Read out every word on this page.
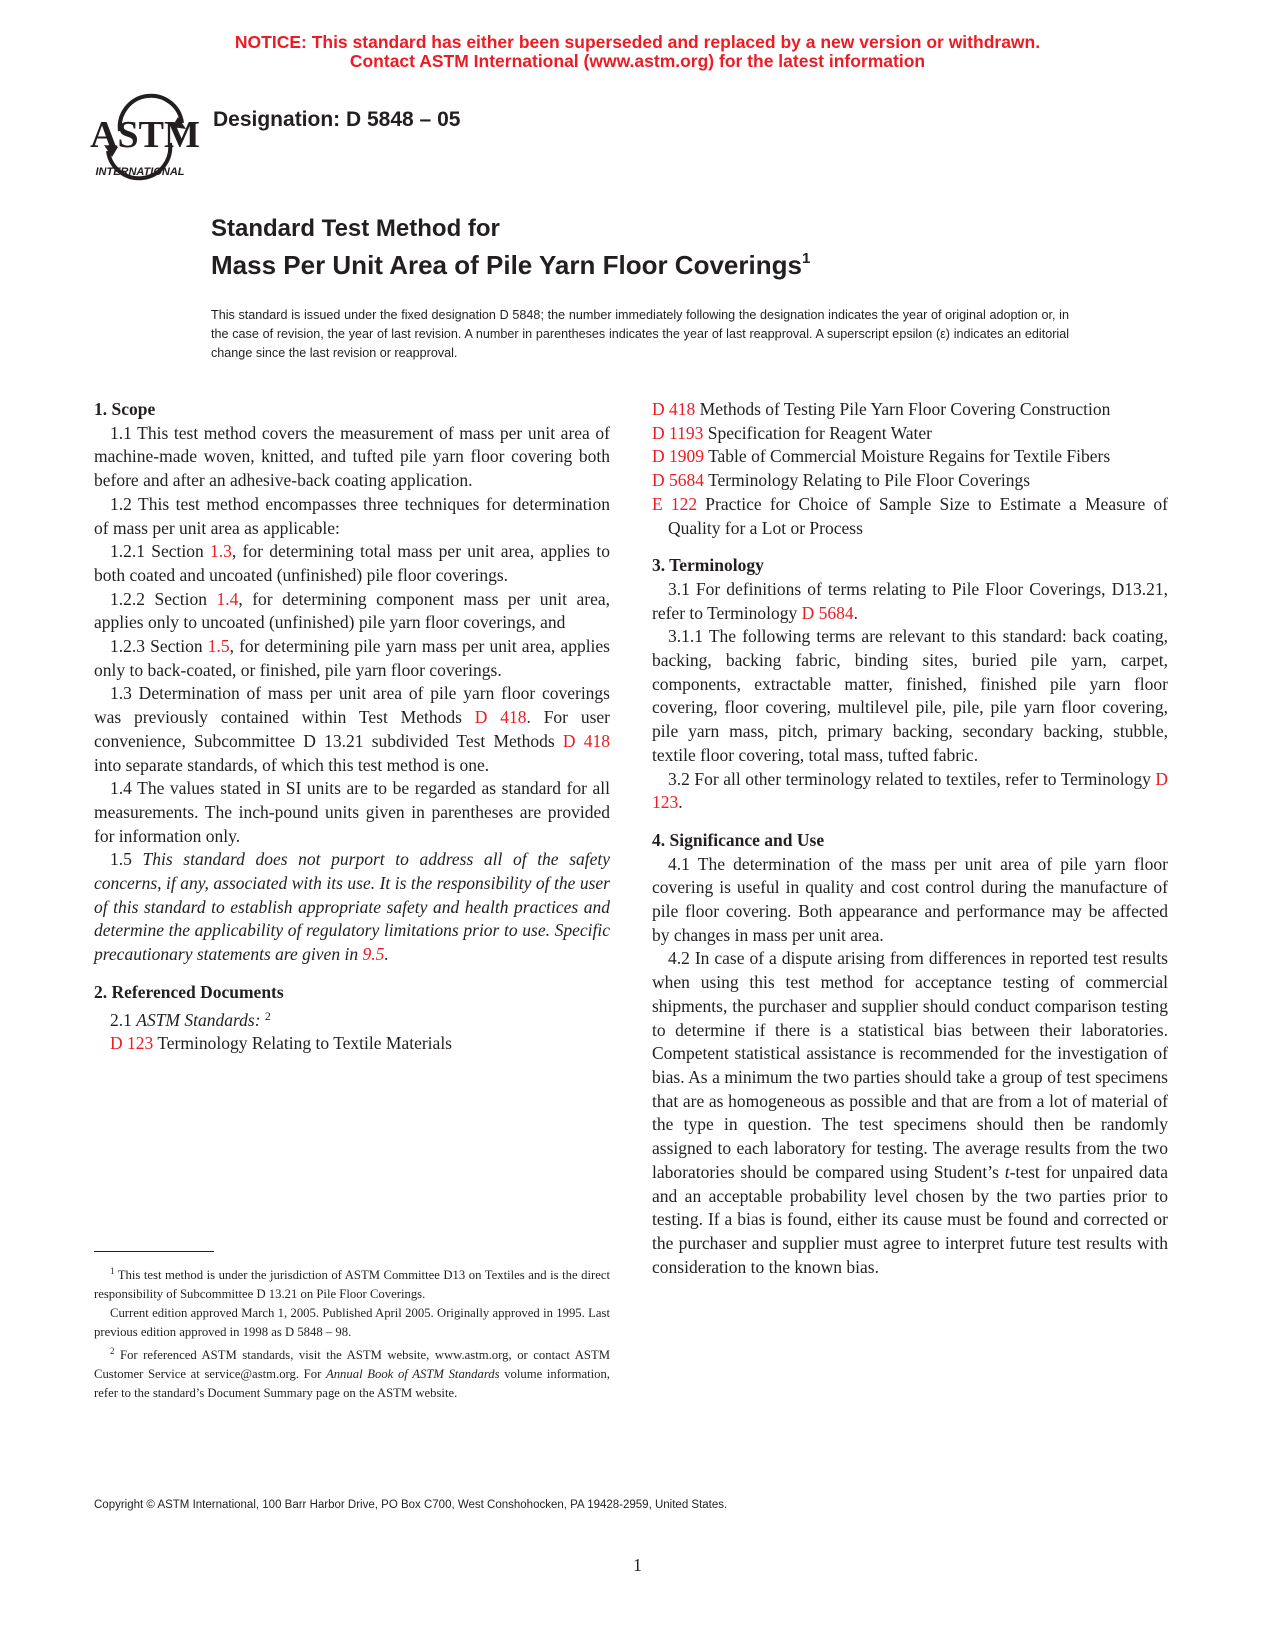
NOTICE: This standard has either been superseded and replaced by a new version or withdrawn.
Contact ASTM International (www.astm.org) for the latest information
ASTM
INTERNATIONAL
Designation: D 5848 – 05
Standard Test Method for
Mass Per Unit Area of Pile Yarn Floor Coverings$^1$
This standard is issued under the fixed designation D 5848; the number immediately following the designation indicates the year of original adoption or, in the case of revision, the year of last revision. A number in parentheses indicates the year of last reapproval. A superscript epsilon (ε) indicates an editorial change since the last revision or reapproval.
1. Scope

1.1 This test method covers the measurement of mass per unit area of machine-made woven, knitted, and tufted pile yarn floor covering both before and after an adhesive-back coating application.

1.2 This test method encompasses three techniques for determination of mass per unit area as applicable:

1.2.1 Section 1.3, for determining total mass per unit area, applies to both coated and uncoated (unfinished) pile floor coverings.

1.2.2 Section 1.4, for determining component mass per unit area, applies only to uncoated (unfinished) pile yarn floor coverings, and

1.2.3 Section 1.5, for determining pile yarn mass per unit area, applies only to back-coated, or finished, pile yarn floor coverings.

1.3 Determination of mass per unit area of pile yarn floor coverings was previously contained within Test Methods D 418. For user convenience, Subcommittee D 13.21 subdivided Test Methods D 418 into separate standards, of which this test method is one.

1.4 The values stated in SI units are to be regarded as standard for all measurements. The inch-pound units given in parentheses are provided for information only.

1.5 This standard does not purport to address all of the safety concerns, if any, associated with its use. It is the responsibility of the user of this standard to establish appropriate safety and health practices and determine the applicability of regulatory limitations prior to use. Specific precautionary statements are given in 9.5.

2. Referenced Documents

2.1 ASTM Standards: $^2$

D 123 Terminology Relating to Textile Materials

$^1$ This test method is under the jurisdiction of ASTM Committee D13 on Textiles and is the direct responsibility of Subcommittee D 13.21 on Pile Floor Coverings.

Current edition approved March 1, 2005. Published April 2005. Originally approved in 1995. Last previous edition approved in 1998 as D 5848 – 98.

$^2$ For referenced ASTM standards, visit the ASTM website, www.astm.org, or contact ASTM Customer Service at service@astm.org. For Annual Book of ASTM Standards volume information, refer to the standard’s Document Summary page on the ASTM website.

D 418 Methods of Testing Pile Yarn Floor Covering Construction

D 1193 Specification for Reagent Water

D 1909 Table of Commercial Moisture Regains for Textile Fibers

D 5684 Terminology Relating to Pile Floor Coverings

E 122 Practice for Choice of Sample Size to Estimate a Measure of Quality for a Lot or Process

3. Terminology

3.1 For definitions of terms relating to Pile Floor Coverings, D13.21, refer to Terminology D 5684.

3.1.1 The following terms are relevant to this standard: back coating, backing, backing fabric, binding sites, buried pile yarn, carpet, components, extractable matter, finished, finished pile yarn floor covering, floor covering, multilevel pile, pile, pile yarn floor covering, pile yarn mass, pitch, primary backing, secondary backing, stubble, textile floor covering, total mass, tufted fabric.

3.2 For all other terminology related to textiles, refer to Terminology D 123.

4. Significance and Use

4.1 The determination of the mass per unit area of pile yarn floor covering is useful in quality and cost control during the manufacture of pile floor covering. Both appearance and performance may be affected by changes in mass per unit area.

4.2 In case of a dispute arising from differences in reported test results when using this test method for acceptance testing of commercial shipments, the purchaser and supplier should conduct comparison testing to determine if there is a statistical bias between their laboratories. Competent statistical assistance is recommended for the investigation of bias. As a minimum the two parties should take a group of test specimens that are as homogeneous as possible and that are from a lot of material of the type in question. The test specimens should then be randomly assigned to each laboratory for testing. The average results from the two laboratories should be compared using Student’s t-test for unpaired data and an acceptable probability level chosen by the two parties prior to testing. If a bias is found, either its cause must be found and corrected or the purchaser and supplier must agree to interpret future test results with consideration to the known bias.

Copyright © ASTM International, 100 Barr Harbor Drive, PO Box C700, West Conshohocken, PA 19428-2959, United States.
1
